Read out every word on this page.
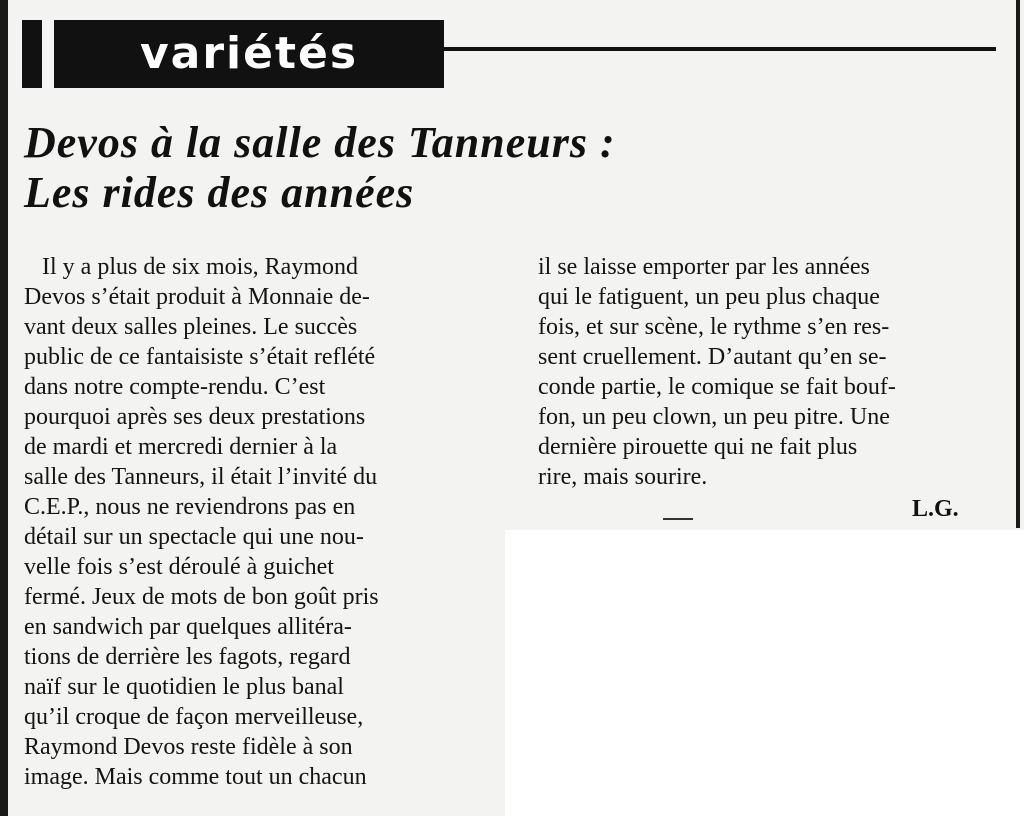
variétés
Devos à la salle des Tanneurs :
Les rides des années
Il y a plus de six mois, Raymond
Devos s’était produit à Monnaie de-
vant deux salles pleines. Le succès
public de ce fantaisiste s’était reflété
dans notre compte-rendu. C’est
pourquoi après ses deux prestations
de mardi et mercredi dernier à la
salle des Tanneurs, il était l’invité du
C.E.P., nous ne reviendrons pas en
détail sur un spectacle qui une nou-
velle fois s’est déroulé à guichet
fermé. Jeux de mots de bon goût pris
en sandwich par quelques allitéra-
tions de derrière les fagots, regard
naïf sur le quotidien le plus banal
qu’il croque de façon merveilleuse,
Raymond Devos reste fidèle à son
image. Mais comme tout un chacun
il se laisse emporter par les années
qui le fatiguent, un peu plus chaque
fois, et sur scène, le rythme s’en res-
sent cruellement. D’autant qu’en se-
conde partie, le comique se fait bouf-
fon, un peu clown, un peu pitre. Une
dernière pirouette qui ne fait plus
rire, mais sourire.
L.G.
